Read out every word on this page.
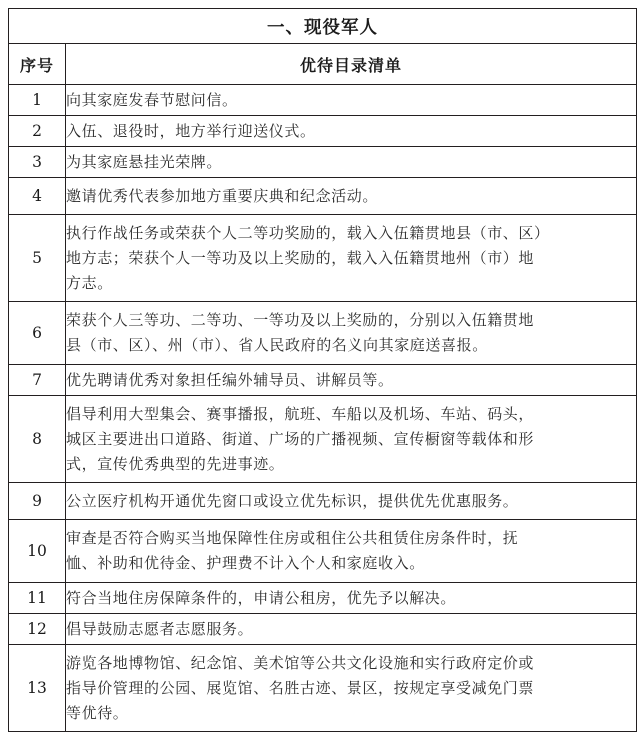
一、现役军人	
序号	优待目录清单
1	向其家庭发春节慰问信。

2	入伍、退役时，地方举行迎送仪式。

3	为其家庭悬挂光荣牌。

4	邀请优秀代表参加地方重要庆典和纪念活动。

5	执行作战任务或荣获个人二等功奖励的，载入入伍籍贯地县（市、区）
地方志；荣获个人一等功及以上奖励的，载入入伍籍贯地州（市）地
方志。

6	荣获个人三等功、二等功、一等功及以上奖励的，分别以入伍籍贯地
县（市、区）、州（市）、省人民政府的名义向其家庭送喜报。

7	优先聘请优秀对象担任编外辅导员、讲解员等。

8	倡导利用大型集会、赛事播报，航班、车船以及机场、车站、码头，
城区主要进出口道路、街道、广场的广播视频、宣传橱窗等载体和形
式，宣传优秀典型的先进事迹。

9	公立医疗机构开通优先窗口或设立优先标识，提供优先优惠服务。

10	审查是否符合购买当地保障性住房或租住公共租赁住房条件时，抚
恤、补助和优待金、护理费不计入个人和家庭收入。

11	符合当地住房保障条件的，申请公租房，优先予以解决。

12	倡导鼓励志愿者志愿服务。

13	游览各地博物馆、纪念馆、美术馆等公共文化设施和实行政府定价或
指导价管理的公园、展览馆、名胜古迹、景区，按规定享受减免门票
等优待。
